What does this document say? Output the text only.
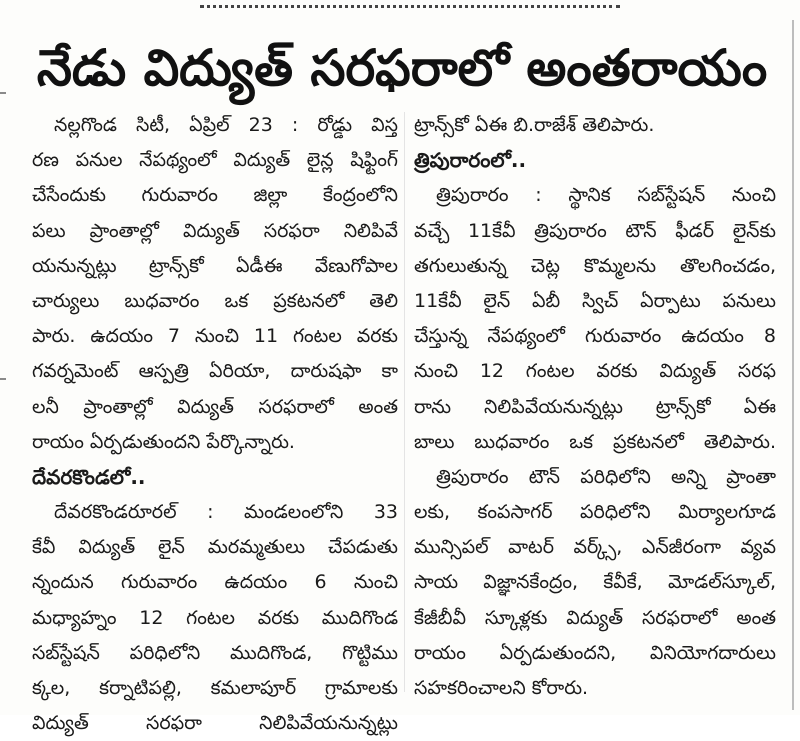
నేడు విద్యుత్ సరఫరాలో అంతరాయం
నల్లగొండ సిటీ, ఏప్రిల్ 23 : రోడ్డు విస్త
రణ పనుల నేపథ్యంలో విద్యుత్ లైన్ల షిఫ్టింగ్
చేసేందుకు గురువారం జిల్లా కేంద్రంలోని
పలు ప్రాంతాల్లో విద్యుత్ సరఫరా నిలిపివే
యనున్నట్లు ట్రాన్స్‌కో ఏడీఈ వేణుగోపాల
చార్యులు బుధవారం ఒక ప్రకటనలో తెలి
పారు. ఉదయం 7 నుంచి 11 గంటల వరకు
గవర్నమెంట్ ఆస్పత్రి ఏరియా, దారుషఫా కా
లనీ ప్రాంతాల్లో విద్యుత్ సరఫరాలో అంత
రాయం ఏర్పడుతుందని పేర్కొన్నారు.
దేవరకొండలో..
దేవరకొండరూరల్ : మండలంలోని 33
కేవీ విద్యుత్ లైన్ మరమ్మతులు చేపడుతు
న్నందున గురువారం ఉదయం 6 నుంచి
మధ్యాహ్నం 12 గంటల వరకు ముదిగొండ
సబ్‌స్టేషన్ పరిధిలోని ముదిగొండ, గొట్టిము
క్కల, కర్నాటిపల్లి, కమలాపూర్ గ్రామాలకు
విద్యుత్ సరఫరా నిలిపివేయనున్నట్లు
ట్రాన్స్‌కో ఏఈ బి.రాజేశ్ తెలిపారు.
త్రిపురారంలో..
త్రిపురారం : స్థానిక సబ్‌స్టేషన్ నుంచి
వచ్చే 11కేవీ త్రిపురారం టౌన్ ఫీడర్ లైన్‌కు
తగులుతున్న చెట్ల కొమ్మలను తొలగించడం,
11కేవీ లైన్ ఏబీ స్విచ్ ఏర్పాటు పనులు
చేస్తున్న నేపథ్యంలో గురువారం ఉదయం 8
నుంచి 12 గంటల వరకు విద్యుత్ సరఫ
రాను నిలిపివేయనున్నట్లు ట్రాన్స్‌కో ఏఈ
బాలు బుధవారం ఒక ప్రకటనలో తెలిపారు.
త్రిపురారం టౌన్ పరిధిలోని అన్ని ప్రాంతా
లకు, కంపసాగర్ పరిధిలోని మిర్యాలగూడ
మున్సిపల్ వాటర్ వర్క్స్, ఎన్‌జీరంగా వ్యవ
సాయ విజ్ఞానకేంద్రం, కేవీకే, మోడల్‌స్కూల్,
కేజీబీవీ స్కూళ్లకు విద్యుత్ సరఫరాలో అంత
రాయం ఏర్పడుతుందని, వినియోగదారులు
సహకరించాలని కోరారు.
